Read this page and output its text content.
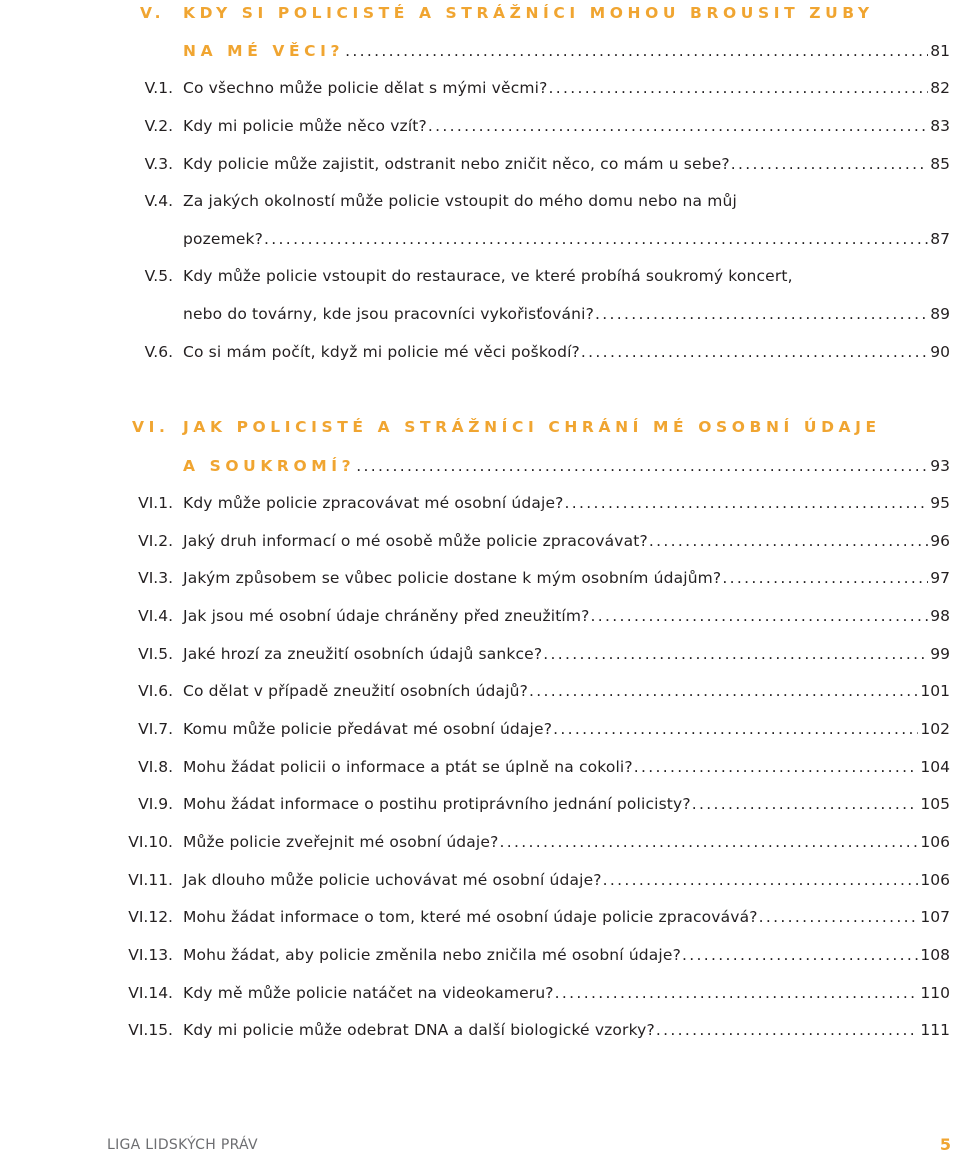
V. KDY SI POLICISTÉ A STRÁŽNÍCI MOHOU BROUSIT ZUBY
NA MÉ VĚCI? . . .	81
V.1. Co všechno může policie dělat s mými věcmi? . . .	82
V.2. Kdy mi policie může něco vzít? . . .	83
V.3. Kdy policie může zajistit, odstranit nebo zničit něco, co mám u sebe? . . .	85
V.4. Za jakých okolností může policie vstoupit do mého domu nebo na můj
pozemek? . . .	87
V.5. Kdy může policie vstoupit do restaurace, ve které probíhá soukromý koncert,
nebo do továrny, kde jsou pracovníci vykořisťováni? . . .	89
V.6. Co si mám počít, když mi policie mé věci poškodí? . . .	90
VI. JAK POLICISTÉ A STRÁŽNÍCI CHRÁNÍ MÉ OSOBNÍ ÚDAJE
A SOUKROMÍ? . . .	93
VI.1. Kdy může policie zpracovávat mé osobní údaje? . . .	95
VI.2. Jaký druh informací o mé osobě může policie zpracovávat? . . .	96
VI.3. Jakým způsobem se vůbec policie dostane k mým osobním údajům? . . .	97
VI.4. Jak jsou mé osobní údaje chráněny před zneužitím? . . .	98
VI.5. Jaké hrozí za zneužití osobních údajů sankce? . . .	99
VI.6. Co dělat v případě zneužití osobních údajů? . . .	101
VI.7. Komu může policie předávat mé osobní údaje? . . .	102
VI.8. Mohu žádat policii o informace a ptát se úplně na cokoli? . . .	104
VI.9. Mohu žádat informace o postihu protiprávního jednání policisty? . . .	105
VI.10. Může policie zveřejnit mé osobní údaje? . . .	106
VI.11. Jak dlouho může policie uchovávat mé osobní údaje? . . .	106
VI.12. Mohu žádat informace o tom, které mé osobní údaje policie zpracovává? . . .	107
VI.13. Mohu žádat, aby policie změnila nebo zničila mé osobní údaje? . . .	108
VI.14. Kdy mě může policie natáčet na videokameru? . . .	110
VI.15. Kdy mi policie může odebrat DNA a další biologické vzorky? . . .	111
LIGA LIDSKÝCH PRÁV	5
